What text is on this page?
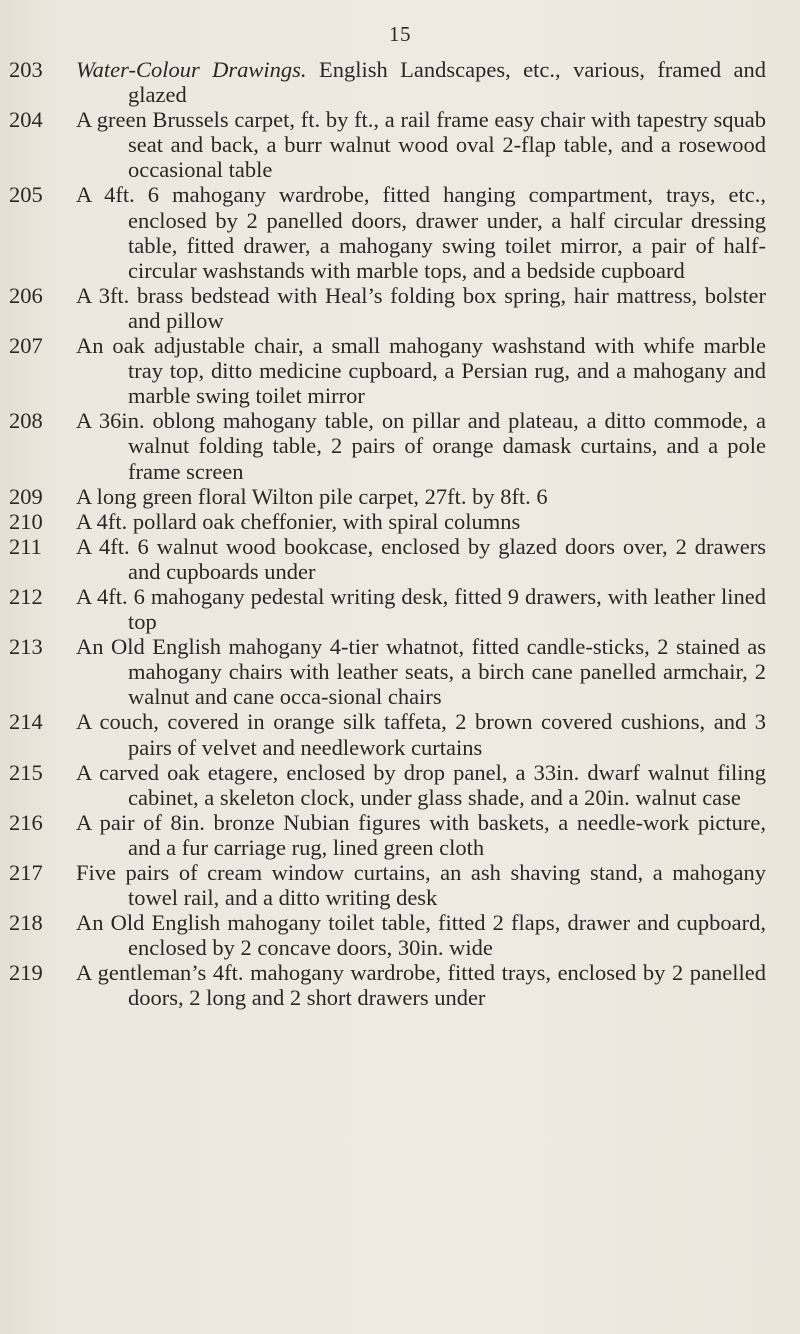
15
203	Water-Colour Drawings. English Landscapes, etc., various, framed and glazed
204	A green Brussels carpet, ft. by ft., a rail frame easy chair with tapestry squab seat and back, a burr walnut wood oval 2-flap table, and a rosewood occasional table
205	A 4ft. 6 mahogany wardrobe, fitted hanging compartment, trays, etc., enclosed by 2 panelled doors, drawer under, a half circular dressing table, fitted drawer, a mahogany swing toilet mirror, a pair of half-circular washstands with marble tops, and a bedside cupboard
206	A 3ft. brass bedstead with Heal’s folding box spring, hair mattress, bolster and pillow
207	An oak adjustable chair, a small mahogany washstand with whife marble tray top, ditto medicine cupboard, a Persian rug, and a mahogany and marble swing toilet mirror
208	A 36in. oblong mahogany table, on pillar and plateau, a ditto commode, a walnut folding table, 2 pairs of orange damask curtains, and a pole frame screen
209	A long green floral Wilton pile carpet, 27ft. by 8ft. 6
210	A 4ft. pollard oak cheffonier, with spiral columns
211	A 4ft. 6 walnut wood bookcase, enclosed by glazed doors over, 2 drawers and cupboards under
212	A 4ft. 6 mahogany pedestal writing desk, fitted 9 drawers, with leather lined top
213	An Old English mahogany 4-tier whatnot, fitted candle-sticks, 2 stained as mahogany chairs with leather seats, a birch cane panelled armchair, 2 walnut and cane occa-sional chairs
214	A couch, covered in orange silk taffeta, 2 brown covered cushions, and 3 pairs of velvet and needlework curtains
215	A carved oak etagere, enclosed by drop panel, a 33in. dwarf walnut filing cabinet, a skeleton clock, under glass shade, and a 20in. walnut case
216	A pair of 8in. bronze Nubian figures with baskets, a needle-work picture, and a fur carriage rug, lined green cloth
217	Five pairs of cream window curtains, an ash shaving stand, a mahogany towel rail, and a ditto writing desk
218	An Old English mahogany toilet table, fitted 2 flaps, drawer and cupboard, enclosed by 2 concave doors, 30in. wide
219	A gentleman’s 4ft. mahogany wardrobe, fitted trays, enclosed by 2 panelled doors, 2 long and 2 short drawers under
